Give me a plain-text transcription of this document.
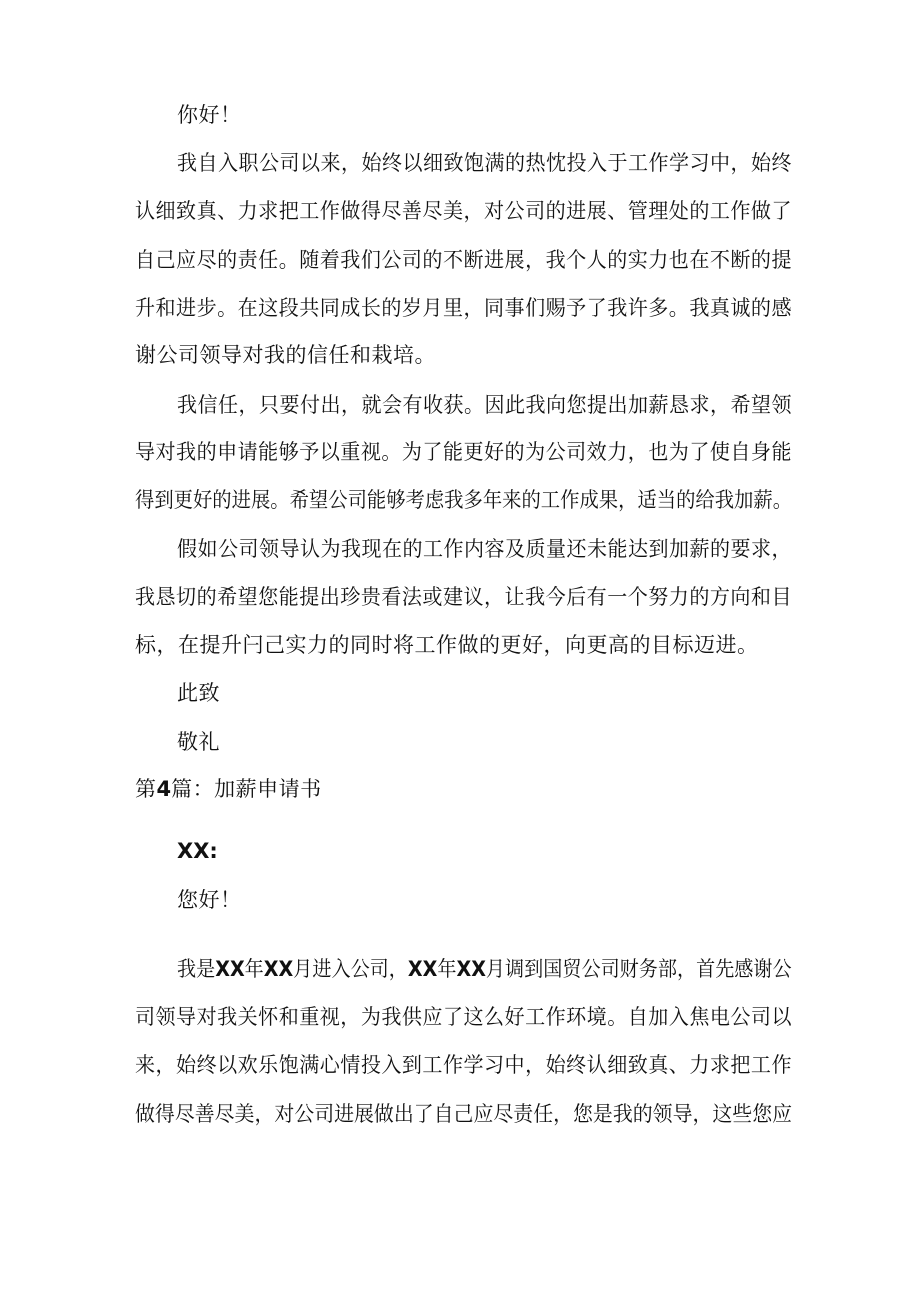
你好！
我自入职公司以来，始终以细致饱满的热忱投入于工作学习中，始终
认细致真、力求把工作做得尽善尽美，对公司的进展、管理处的工作做了
自己应尽的责任。随着我们公司的不断进展，我个人的实力也在不断的提
升和进步。在这段共同成长的岁月里，同事们赐予了我许多。我真诚的感
谢公司领导对我的信任和栽培。
我信任，只要付出，就会有收获。因此我向您提出加薪恳求，希望领
导对我的申请能够予以重视。为了能更好的为公司效力，也为了使自身能
得到更好的进展。希望公司能够考虑我多年来的工作成果，适当的给我加薪。
假如公司领导认为我现在的工作内容及质量还未能达到加薪的要求，
我恳切的希望您能提出珍贵看法或建议，让我今后有一个努力的方向和目
标，在提升闩己实力的同时将工作做的更好，向更高的目标迈进。
此致
敬礼
第4篇：加薪申请书
XX:
您好！
我是XX年XX月进入公司，XX年XX月调到国贸公司财务部，首先感谢公
司领导对我关怀和重视，为我供应了这么好工作环境。自加入焦电公司以
来，始终以欢乐饱满心情投入到工作学习中，始终认细致真、力求把工作
做得尽善尽美，对公司进展做出了自己应尽责任，您是我的领导，这些您应
